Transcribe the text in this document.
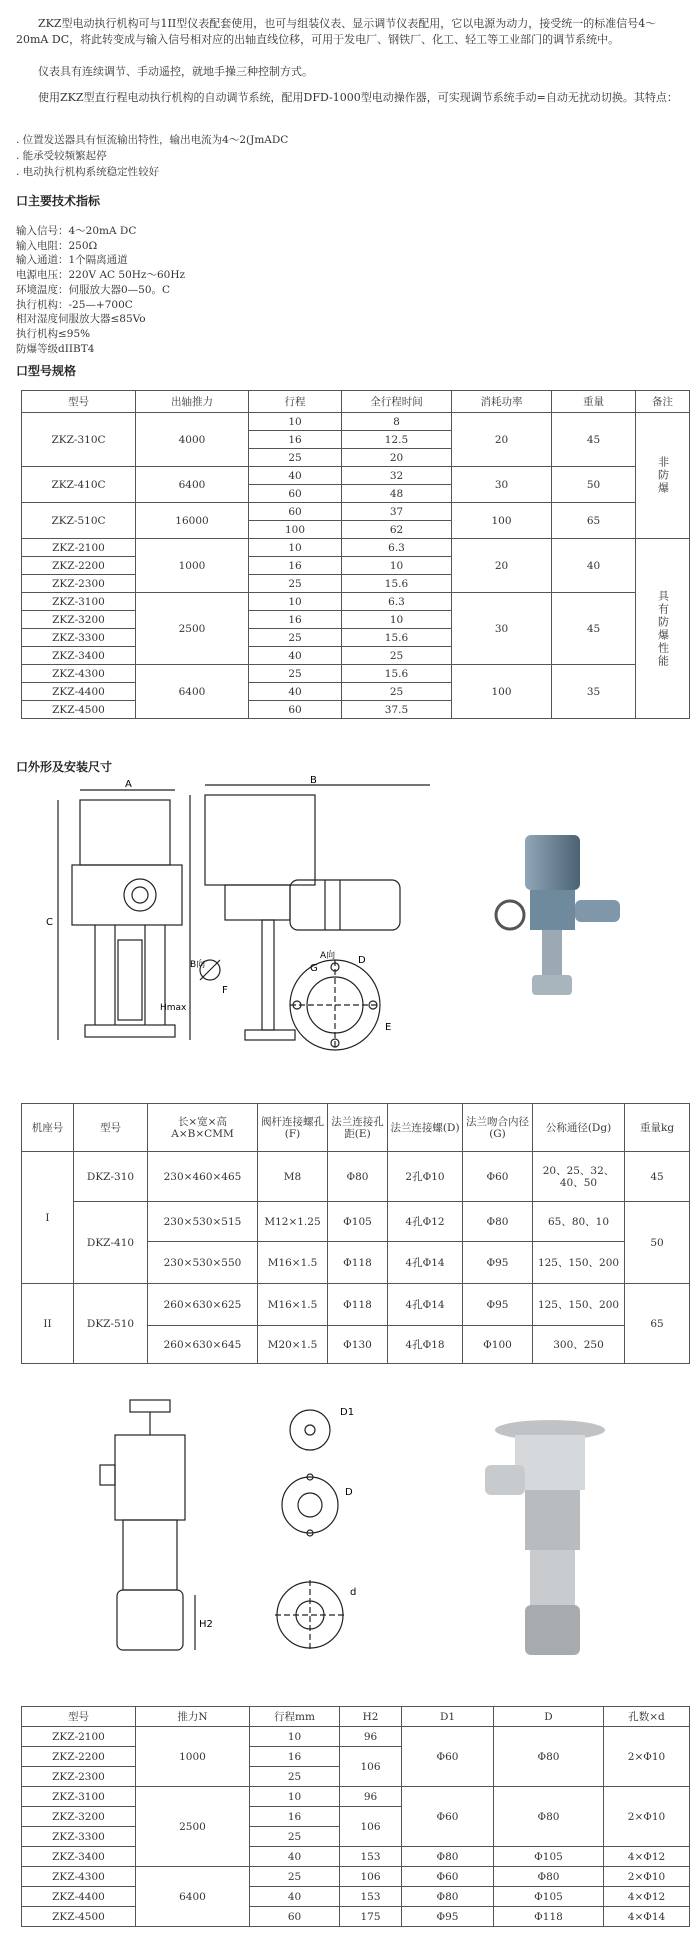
ZKZ型电动执行机构可与1II型仪表配套使用，也可与组装仪表、显示调节仪表配用，它以电源为动力，接受统一的标准信号4～20mA DC，将此转变成与输入信号相对应的出轴直线位移，可用于发电厂、钢铁厂、化工、轻工等工业部门的调节系统中。
仪表具有连续调节、手动遥控，就地手操三种控制方式。
使用ZKZ型直行程电动执行机构的自动调节系统，配用DFD-1000型电动操作器，可实现调节系统手动=自动无扰动切换。其特点：
. 位置发送器具有恒流输出特性，输出电流为4～2(JmADC
. 能承受较频繁起停
. 电动执行机构系统稳定性较好
口主要技术指标
输入信号：4～20mA DC
输入电阻：250Ω
输入通道：1个隔离通道
电源电压：220V AC 50Hz～60Hz
环境温度：伺服放大器0—50。C
执行机构：-25—+700C
相对湿度伺服放大器≤85Vo
执行机构≤95%
防爆等级dIIBT4
口型号规格
型号	出轴推力	行程	全行程时间	消耗功率	重量	备注
ZKZ-310C	4000	10	8	20	45	非防爆
		16	12.5			
		25	20			
ZKZ-410C	6400	40	32	30	50	
		60	48			
ZKZ-510C	16000	60	37	100	65	
		100	62			
ZKZ-2100	1000	10	6.3	20	40	具有防爆性能
ZKZ-2200		16	10			
ZKZ-2300		25	15.6			
ZKZ-3100	2500	10	6.3	30	45	
ZKZ-3200		16	10			
ZKZ-3300		25	15.6			
ZKZ-3400		40	25			
ZKZ-4300	6400	25	15.6	100	35	
ZKZ-4400		40	25			
ZKZ-4500		60	37.5			
口外形及安装尺寸
A	B
C
Hmax
E
F
D
G
B向
A向
机座号	型号	长×宽×高 A×B×CMM	阀杆连接螺孔(F)	法兰连接孔距(E)	法兰连接螺(D)	法兰吻合内径(G)	公称通径(Dg)	重量kg
I	DKZ-310	230×460×465	M8	Φ80	2孔Φ10	Φ60	20、25、32、40、50	45
	DKZ-410	230×530×515	M12×1.25	Φ105	4孔Φ12	Φ80	65、80、10	50
		230×530×550	M16×1.5	Φ118	4孔Φ14	Φ95	125、150、200	
II	DKZ-510	260×630×625	M16×1.5	Φ118	4孔Φ14	Φ95	125、150、200	65
		260×630×645	M20×1.5	Φ130	4孔Φ18	Φ100	300、250	
H2
D1
D
d
型号	推力N	行程mm	H2	D1	D	孔数×d
ZKZ-2100	1000	10	96	Φ60	Φ80	2×Φ10
ZKZ-2200		16	106			
ZKZ-2300		25				
ZKZ-3100	2500	10	96	Φ60	Φ80	2×Φ10
ZKZ-3200		16	106			
ZKZ-3300		25				
ZKZ-3400		40	153	Φ80	Φ105	4×Φ12
ZKZ-4300	6400	25	106	Φ60	Φ80	2×Φ10
ZKZ-4400		40	153	Φ80	Φ105	4×Φ12
ZKZ-4500		60	175	Φ95	Φ118	4×Φ14
